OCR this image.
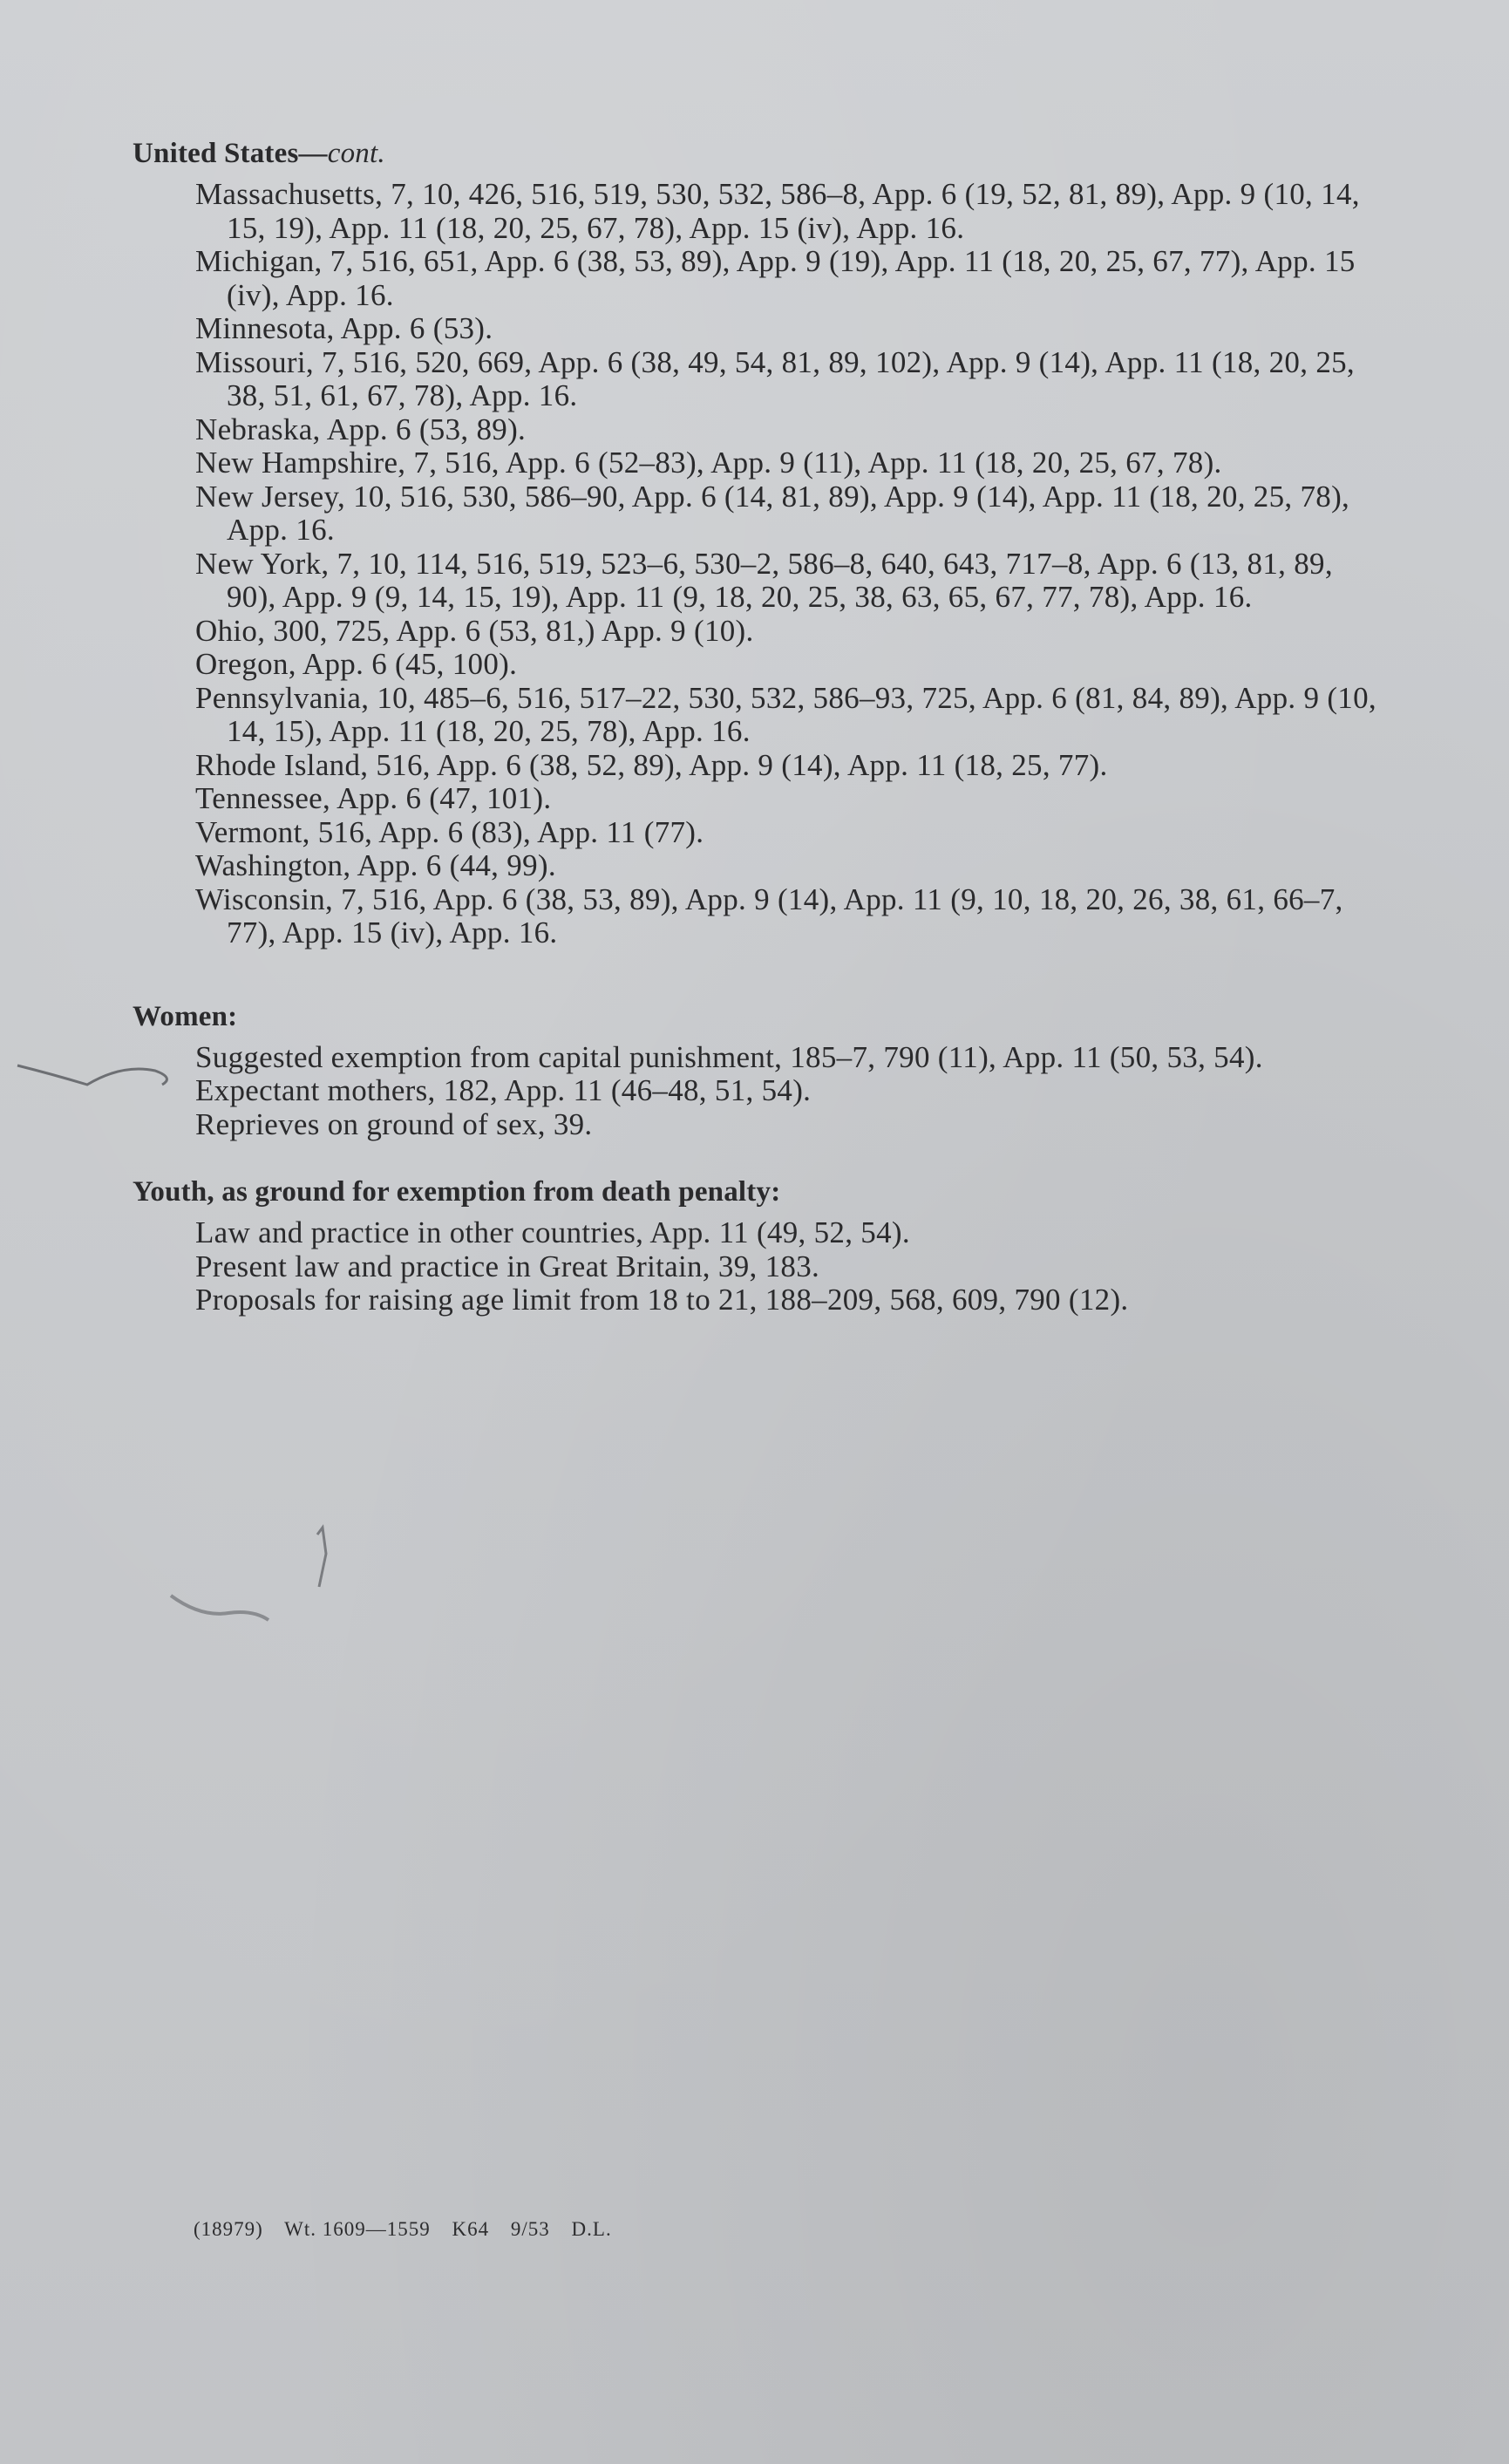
United States—cont.

Massachusetts, 7, 10, 426, 516, 519, 530, 532, 586–8, App. 6 (19, 52, 81, 89), App. 9 (10, 14, 15, 19), App. 11 (18, 20, 25, 67, 78), App. 15 (iv), App. 16.

Michigan, 7, 516, 651, App. 6 (38, 53, 89), App. 9 (19), App. 11 (18, 20, 25, 67, 77), App. 15 (iv), App. 16.

Minnesota, App. 6 (53).

Missouri, 7, 516, 520, 669, App. 6 (38, 49, 54, 81, 89, 102), App. 9 (14), App. 11 (18, 20, 25, 38, 51, 61, 67, 78), App. 16.

Nebraska, App. 6 (53, 89).

New Hampshire, 7, 516, App. 6 (52–83), App. 9 (11), App. 11 (18, 20, 25, 67, 78).

New Jersey, 10, 516, 530, 586–90, App. 6 (14, 81, 89), App. 9 (14), App. 11 (18, 20, 25, 78), App. 16.

New York, 7, 10, 114, 516, 519, 523–6, 530–2, 586–8, 640, 643, 717–8, App. 6 (13, 81, 89, 90), App. 9 (9, 14, 15, 19), App. 11 (9, 18, 20, 25, 38, 63, 65, 67, 77, 78), App. 16.

Ohio, 300, 725, App. 6 (53, 81,) App. 9 (10).

Oregon, App. 6 (45, 100).

Pennsylvania, 10, 485–6, 516, 517–22, 530, 532, 586–93, 725, App. 6 (81, 84, 89), App. 9 (10, 14, 15), App. 11 (18, 20, 25, 78), App. 16.

Rhode Island, 516, App. 6 (38, 52, 89), App. 9 (14), App. 11 (18, 25, 77).

Tennessee, App. 6 (47, 101).

Vermont, 516, App. 6 (83), App. 11 (77).

Washington, App. 6 (44, 99).

Wisconsin, 7, 516, App. 6 (38, 53, 89), App. 9 (14), App. 11 (9, 10, 18, 20, 26, 38, 61, 66–7, 77), App. 15 (iv), App. 16.

Women:

Suggested exemption from capital punishment, 185–7, 790 (11), App. 11 (50, 53, 54).

Expectant mothers, 182, App. 11 (46–48, 51, 54).

Reprieves on ground of sex, 39.

Youth, as ground for exemption from death penalty:

Law and practice in other countries, App. 11 (49, 52, 54).

Present law and practice in Great Britain, 39, 183.

Proposals for raising age limit from 18 to 21, 188–209, 568, 609, 790 (12).

(18979) Wt. 1609—1559 K64 9/53 D.L.
